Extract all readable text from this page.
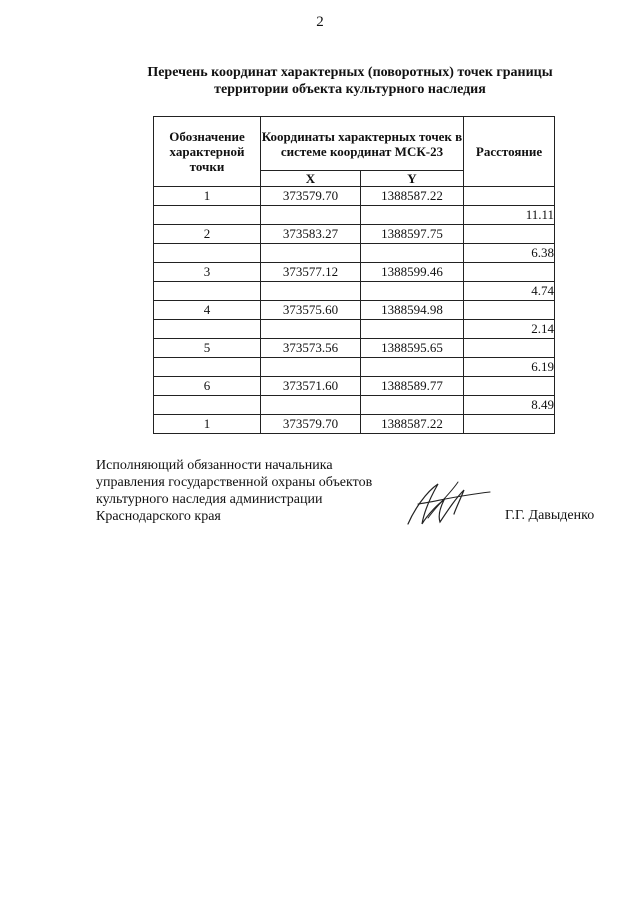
2
Перечень координат характерных (поворотных) точек границы
территории объекта культурного наследия
Обозначение характерной точки	Координаты характерных точек в системе координат МСК-23		Расстояние
	X	Y	
1	373579.70	1388587.22	
			11.11
2	373583.27	1388597.75	
			6.38
3	373577.12	1388599.46	
			4.74
4	373575.60	1388594.98	
			2.14
5	373573.56	1388595.65	
			6.19
6	373571.60	1388589.77	
			8.49
1	373579.70	1388587.22	
Исполняющий обязанности начальника
управления государственной охраны объектов
культурного наследия администрации
Краснодарского края	Г.Г. Давыденко
